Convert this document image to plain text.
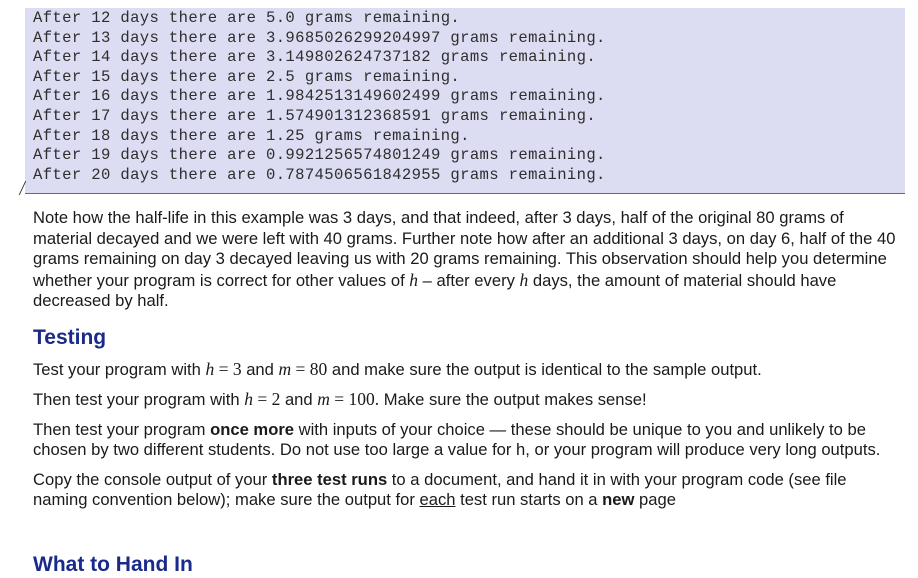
After 12 days there are 5.0 grams remaining.
After 13 days there are 3.9685026299204997 grams remaining.
After 14 days there are 3.149802624737182 grams remaining.
After 15 days there are 2.5 grams remaining.
After 16 days there are 1.9842513149602499 grams remaining.
After 17 days there are 1.574901312368591 grams remaining.
After 18 days there are 1.25 grams remaining.
After 19 days there are 0.9921256574801249 grams remaining.
After 20 days there are 0.7874506561842955 grams remaining.

Note how the half-life in this example was 3 days, and that indeed, after 3 days, half of the original 80 grams of material decayed and we were left with 40 grams. Further note how after an additional 3 days, on day 6, half of the 40 grams remaining on day 3 decayed leaving us with 20 grams remaining. This observation should help you determine whether your program is correct for other values of h – after every h days, the amount of material should have decreased by half.

Testing

Test your program with h = 3 and m = 80 and make sure the output is identical to the sample output.

Then test your program with h = 2 and m = 100. Make sure the output makes sense!

Then test your program once more with inputs of your choice — these should be unique to you and unlikely to be chosen by two different students. Do not use too large a value for h, or your program will produce very long outputs.

Copy the console output of your three test runs to a document, and hand it in with your program code (see file naming convention below); make sure the output for each test run starts on a new page

What to Hand In
